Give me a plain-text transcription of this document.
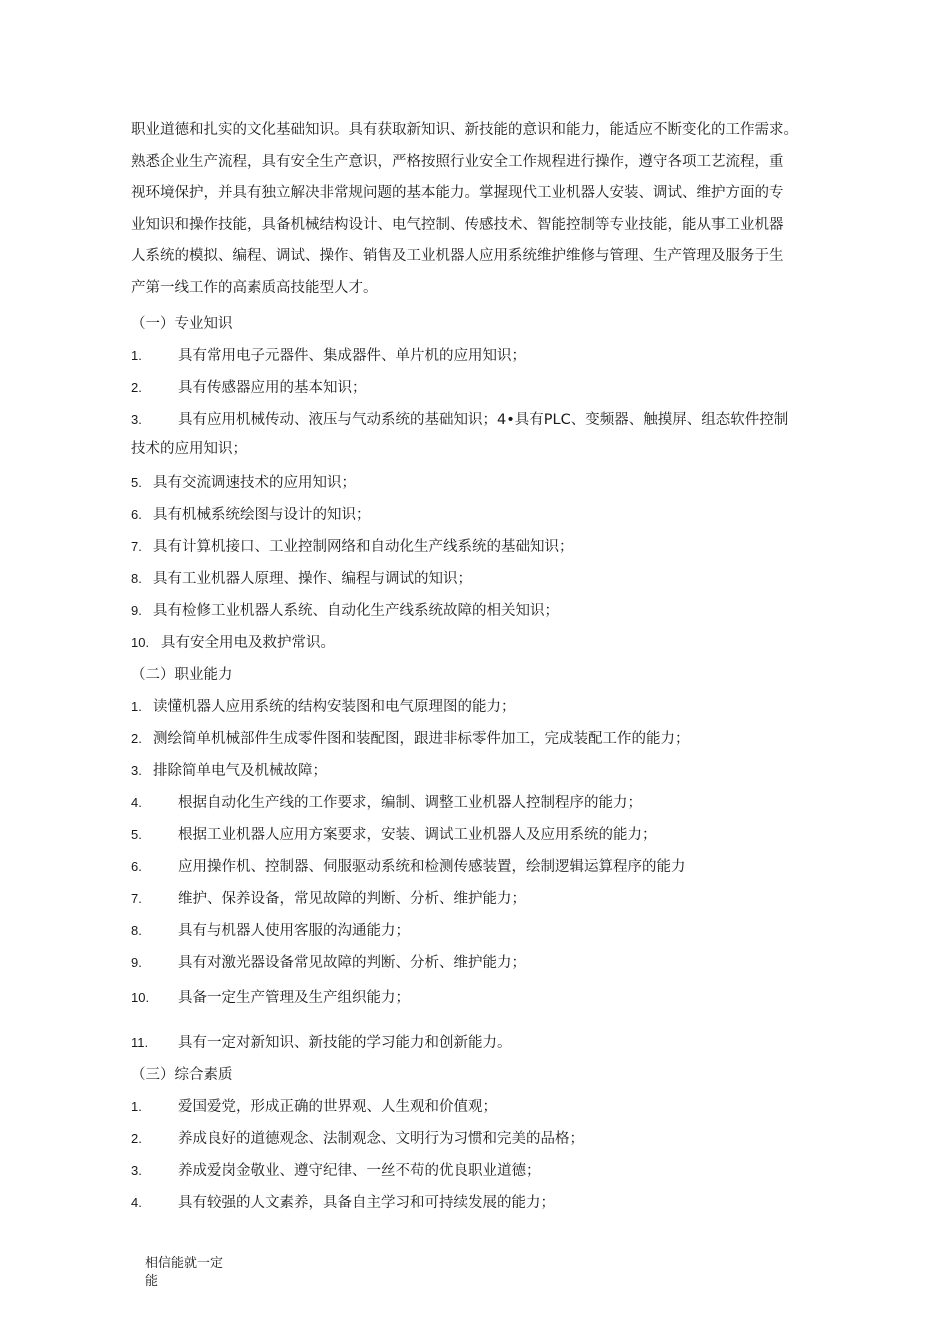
职业道德和扎实的文化基础知识。具有获取新知识、新技能的意识和能力，能适应不断变化的工作需求。
熟悉企业生产流程，具有安全生产意识，严格按照行业安全工作规程进行操作，遵守各项工艺流程，重
视环境保护，并具有独立解决非常规问题的基本能力。掌握现代工业机器人安装、调试、维护方面的专
业知识和操作技能，具备机械结构设计、电气控制、传感技术、智能控制等专业技能，能从事工业机器
人系统的模拟、编程、调试、操作、销售及工业机器人应用系统维护维修与管理、生产管理及服务于生
产第一线工作的高素质高技能型人才。
（一）专业知识
1. 具有常用电子元器件、集成器件、单片机的应用知识；
2. 具有传感器应用的基本知识；
3. 具有应用机械传动、液压与气动系统的基础知识；4•具有PLC、变频器、触摸屏、组态软件控制
技术的应用知识；
5. 具有交流调速技术的应用知识；
6. 具有机械系统绘图与设计的知识；
7. 具有计算机接口、工业控制网络和自动化生产线系统的基础知识；
8. 具有工业机器人原理、操作、编程与调试的知识；
9. 具有检修工业机器人系统、自动化生产线系统故障的相关知识；
10. 具有安全用电及救护常识。
（二）职业能力
1. 读懂机器人应用系统的结构安装图和电气原理图的能力；
2. 测绘简单机械部件生成零件图和装配图，跟进非标零件加工，完成装配工作的能力；
3. 排除简单电气及机械故障；
4. 根据自动化生产线的工作要求，编制、调整工业机器人控制程序的能力；
5. 根据工业机器人应用方案要求，安装、调试工业机器人及应用系统的能力；
6. 应用操作机、控制器、伺服驱动系统和检测传感装置，绘制逻辑运算程序的能力
7. 维护、保养设备，常见故障的判断、分析、维护能力；
8. 具有与机器人使用客服的沟通能力；
9. 具有对激光器设备常见故障的判断、分析、维护能力；
10. 具备一定生产管理及生产组织能力；
11. 具有一定对新知识、新技能的学习能力和创新能力。
（三）综合素质
1. 爱国爱党，形成正确的世界观、人生观和价值观；
2. 养成良好的道德观念、法制观念、文明行为习惯和完美的品格；
3. 养成爱岗金敬业、遵守纪律、一丝不苟的优良职业道德；
4. 具有较强的人文素养，具备自主学习和可持续发展的能力；
相信能就一定
能
